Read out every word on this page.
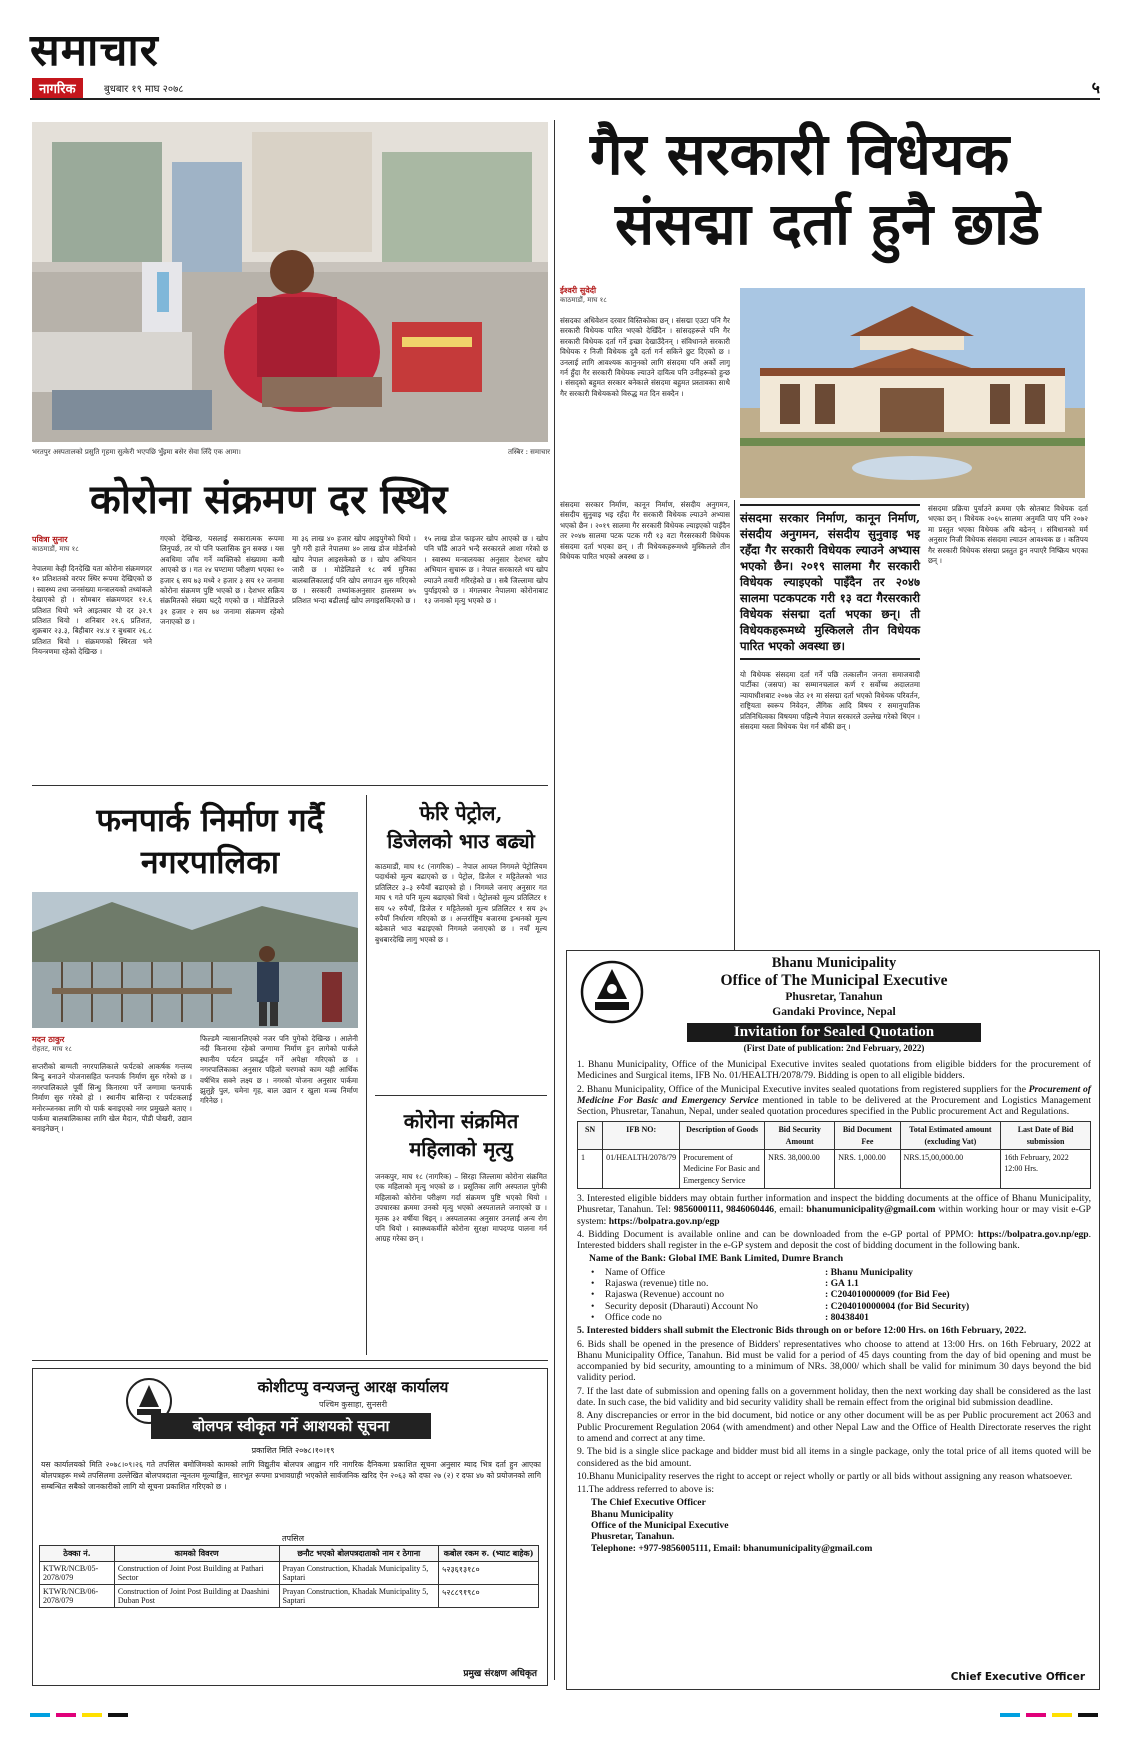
समाचार
नागरिक	बुधबार १९ माघ २०७८	५
भरतपुर अस्पतालको प्रसुति गृहमा सुत्केरी भएपछि भुँइमा बसेर सेवा लिँदै एक आमा।	तस्बिर : समाचार
गैर सरकारी विधेयक
संसद्मा दर्ता हुनै छाडे
ईश्वरी सुवेदी
काठमाडौं, माघ १८
संसदका अधिवेशन दरवार विस्तिकोका छन् । संसद्मा एउटा पनि गैर सरकारी विधेयक पारित भएको देखिँदैन । सांसदहरूले पनि गैर सरकारी विधेयक दर्ता गर्ने इच्छा देखाउँदैनन् । संविधानले सरकारी विधेयक र निजी विधेयक दुवै दर्ता गर्न सकिने छुट दिएको छ । उनलाई लागि आवश्यक कानुनको लागि संसदमा पनि अर्को लागू गर्न हुँदा गैर सरकारी विधेयक ल्याउने दायित्व पनि उनीहरूको हुन्छ । संसद्को बहुमत सरकार बनेकाले संसदमा बहुमत प्रस्तावका साथै गैर सरकारी विधेयकको विरुद्ध मत दिन सक्दैन ।
संसदमा सरकार निर्माण, कानून निर्माण, संसदीय अनुगमन, संसदीय सुनुवाइ भइ रहँदा गैर सरकारी विधेयक ल्याउने अभ्यास भएको छैन । २०१९ सालमा गैर सरकारी विधेयक ल्याइएको पाइँदैन तर २०४७ सालमा पटक पटक गरी १३ वटा गैरसरकारी विधेयक संसदमा दर्ता भएका छन् । ती विधेयकहरूमध्ये मुस्किलले तीन विधेयक पारित भएको अवस्था छ ।
संसदमा सरकार निर्माण, कानून निर्माण, संसदीय अनुगमन, संसदीय सुनुवाइ भइ रहँदा गैर सरकारी विधेयक ल्याउने अभ्यास भएको छैन। २०१९ सालमा गैर सरकारी विधेयक ल्याइएको पाइँदैन तर २०४७ सालमा पटकपटक गरी १३ वटा गैरसरकारी विधेयक संसद्मा दर्ता भएका छन्। ती विधेयकहरूमध्ये मुस्किलले तीन विधेयक पारित भएको अवस्था छ।
यो विधेयक संसदमा दर्ता गर्ने पछि तत्कालीन जनता समाजवादी पार्टीका (जसपा) का सम्मानचलाल कर्ण र सर्वोच्च अदालतमा न्यायाधीशबाट २०७७ जेठ २१ मा संसद्मा दर्ता भएको विधेयक परिवर्तन, राष्ट्रियता स्वरूप निवेदन, लैंगिक आदि विषय र समानुपातिक प्रतिनिधित्वका विषयमा पहिल्यै नेपाल सरकारले उल्लेख गरेको थिएन । संसदमा यस्ता विधेयक पेश गर्न बाँकी छन् ।
संसदमा प्रक्रिया पुर्याउने क्रममा एकै स्रोतबाट विधेयक दर्ता भएका छन् । विधेयक २०६५ सालमा अनुमति पाए पनि २०७२ मा प्रस्तुत भएका विधेयक अघि बढेनन् । संविधानको मर्म अनुसार निजी विधेयक संसदमा ल्याउन आवश्यक छ । कतिपय गैर सरकारी विधेयक संसद्मा प्रस्तुत हुन नपाएरै निष्क्रिय भएका छन् ।
कोरोना संक्रमण दर स्थिर
पवित्रा सुनार
काठमाडौं, माघ १८
नेपालमा केही दिनदेखि यता कोरोना संक्रमणदर १० प्रतिशतको वरपर स्थिर रूपमा देखिएको छ । स्वास्थ्य तथा जनसंख्या मन्त्रालयको तथ्यांकले देखाएको हो । सोमबार संक्रमणदर १२.६ प्रतिशत थियो भने आइतबार यो दर ३२.९ प्रतिशत थियो । शनिबार २१.६ प्रतिशत, शुक्रबार २३.३, बिहीबार २४.४ र बुधबार २६.८ प्रतिशत थियो । संक्रमणको स्थिरता भने नियन्त्रणमा रहेको देखिन्छ ।
गएको देखिन्छ, यसलाई सकारात्मक रूपमा लिनुपर्छ, तर यो पनि फलासिक हुन सक्छ । यस अवधिमा जाँच गर्ने व्यक्तिको संख्यामा कमी आएको छ । गत २४ घण्टामा परीक्षण भएका १० हजार ६ सय ७३ मध्ये २ हजार ३ सय १२ जनामा कोरोना संक्रमण पुष्टि भएको छ । देशभर सक्रिय संक्रमितको संख्या घट्दै गएको छ । मोडेलिङले ३१ हजार २ सय ७४ जनामा संक्रमण रहेको जनाएको छ ।
मा ३६ लाख ४० हजार खोप आइपुगेको थियो । पुगै गरी हाले नेपालमा ४० लाख डोज मोडेर्नाको खोप नेपाल आइसकेको छ । खोप अभियान जारी छ । मोडेलिङले १८ वर्ष मुनिका बालबालिकालाई पनि खोप लगाउन सुरु गरिएको छ । सरकारी तथ्यांकअनुसार हालसम्म ७५ प्रतिशत भन्दा बढीलाई खोप लगाइसकिएको छ ।
१५ लाख डोज फाइजर खोप आएको छ । खोप पनि चाँडै आउने भन्दै सरकारले आशा गरेको छ । स्वास्थ्य मन्त्रालयका अनुसार देशभर खोप अभियान सुचारू छ । नेपाल सरकारले थप खोप ल्याउने तयारी गरिरहेको छ । सबै जिल्लामा खोप पुर्याइएको छ । मंगलबार नेपालमा कोरोनाबाट १३ जनाको मृत्यु भएको छ ।
फनपार्क निर्माण गर्दै
नगरपालिका
मदन ठाकुर
रोहतट, माघ १८
सप्तरीको बाग्मती नगरपालिकाले फर्पटको आकर्षक गन्तव्य बिन्दु बनाउने योजनासहित फनपार्क निर्माण सुरु गरेको छ । नगरपालिकाले पूर्वी सिन्धु किनारमा पर्ने जग्गामा फनपार्क निर्माण सुरु गरेको हो । स्थानीय बासिन्दा र पर्यटकलाई मनोरञ्जनका लागि यो पार्क बनाइएको नगर प्रमुखले बताए । पार्कमा बालबालिकाका लागि खेल मैदान, पौडी पोखरी, उद्यान बनाइनेछन् ।
फिल्डमै न्यासानलिएको नजर पनि पुगेको देखिन्छ । आलेनी नदी किनारमा रहेको जग्गामा निर्माण हुन लागेको पार्कले स्थानीय पर्यटन प्रवर्द्धन गर्ने अपेक्षा गरिएको छ । नगरपालिकाका अनुसार पहिलो चरणको काम यही आर्थिक वर्षभित्र सक्ने लक्ष्य छ । नगरको योजना अनुसार पार्कमा झुलुङ्गे पुल, चमेना गृह, बाल उद्यान र खुला मञ्च निर्माण गरिनेछ ।
फेरि पेट्रोल,
डिजेलको भाउ बढ्यो
काठमाडौं, माघ १८ (नागरिक) – नेपाल आयल निगमले पेट्रोलियम पदार्थको मूल्य बढाएको छ । पेट्रोल, डिजेल र मट्टितेलको भाउ प्रतिलिटर ३–३ रुपैयाँ बढाएको हो । निगमले जनाए अनुसार गत माघ ९ गते पनि मूल्य बढाएको थियो । पेट्रोलको मूल्य प्रतिलिटर १ सय ५२ रुपैयाँ, डिजेल र मट्टितेलको मूल्य प्रतिलिटर १ सय ३५ रुपैयाँ निर्धारण गरिएको छ । अन्तर्राष्ट्रिय बजारमा इन्धनको मूल्य बढेकाले भाउ बढाइएको निगमले जनाएको छ । नयाँ मूल्य बुधबारदेखि लागु भएको छ ।
कोरोना संक्रमित
महिलाको मृत्यु
जनकपुर, माघ १८ (नागरिक) – सिरहा जिल्लामा कोरोना संक्रमित एक महिलाको मृत्यु भएको छ । प्रसूतिका लागि अस्पताल पुगेकी महिलाको कोरोना परीक्षण गर्दा संक्रमण पुष्टि भएको थियो । उपचारका क्रममा उनको मृत्यु भएको अस्पतालले जनाएको छ । मृतक ३२ वर्षीया थिइन् । अस्पतालका अनुसार उनलाई अन्य रोग पनि थियो । स्वास्थ्यकर्मीले कोरोना सुरक्षा मापदण्ड पालना गर्न आग्रह गरेका छन् ।
कोशीटप्पु वन्यजन्तु आरक्ष कार्यालय
पश्चिम कुसाहा, सुनसरी
बोलपत्र स्वीकृत गर्ने आशयको सूचना
प्रकाशित मिति २०७८।१०।१९
यस कार्यालयको मिति २०७८।०९।२६ गते तपसिल बमोजिमको कामको लागि विद्युतीय बोलपत्र आह्वान गरि नागरिक दैनिकमा प्रकाशित सूचना अनुसार म्याद भित्र दर्ता हुन आएका बोलपत्रहरू मध्ये तपसिलमा उल्लेखित बोलपत्रदाता न्यूनतम मूल्याङ्कित, सारभूत रूपमा प्रभावग्राही भएकोले सार्वजनिक खरिद ऐन २०६३ को दफा २७ (२) र दफा ४७ को प्रयोजनको लागि सम्बन्धित सबैको जानकारीको लागि यो सूचना प्रकाशित गरिएको छ ।
तपसिल
ठेक्का नं.	कामको विवरण	छनौट भएको बोलपत्रदाताको नाम र ठेगाना	कबोल रकम रु. (भ्याट बाहेक)
KTWR/NCB/05-2078/079	Construction of Joint Post Building at Pathari Sector	Prayan Construction, Khadak Municipality 5, Saptari	५२३६१३१८०
KTWR/NCB/06-2078/079	Construction of Joint Post Building at Daashini Duban Post	Prayan Construction, Khadak Municipality 5, Saptari	५२८८९१९८०
प्रमुख संरक्षण अधिकृत
Bhanu Municipality
Office of The Municipal Executive
Phusretar, Tanahun
Gandaki Province, Nepal
Invitation for Sealed Quotation
(First Date of publication: 2nd February, 2022)
1. Bhanu Municipality, Office of the Municipal Executive invites sealed quotations from eligible bidders for the procurement of Medicines and Surgical items, IFB No. 01/HEALTH/2078/79. Bidding is open to all eligible bidders.
2. Bhanu Municipality, Office of the Municipal Executive invites sealed quotations from registered suppliers for the Procurement of Medicine For Basic and Emergency Service mentioned in table to be delivered at the Procurement and Logistics Management Section, Phusretar, Tanahun, Nepal, under sealed quotation procedures specified in the Public procurement Act and Regulations.
SN	IFB NO:	Description of Goods	Bid Security Amount	Bid Document Fee	Total Estimated amount (excluding Vat)	Last Date of Bid submission
1	01/HEALTH/2078/79	Procurement of Medicine For Basic and Emergency Service	NRS. 38,000.00	NRS. 1,000.00	NRS.15,00,000.00	16th February, 2022 12:00 Hrs.
3. Interested eligible bidders may obtain further information and inspect the bidding documents at the office of Bhanu Municipality, Phusretar, Tanahun. Tel: 9856000111, 9846060446, email: bhanumunicipality@gmail.com within working hour or may visit e-GP system: https://bolpatra.gov.np/egp
4. Bidding Document is available online and can be downloaded from the e-GP portal of PPMO: https://bolpatra.gov.np/egp. Interested bidders shall register in the e-GP system and deposit the cost of bidding document in the following bank.
Name of the Bank: Global IME Bank Limited, Dumre Branch
•	Name of Office	: Bhanu Municipality
•	Rajaswa (revenue) title no.	: GA 1.1
•	Rajaswa (Revenue) account no	: C204010000009 (for Bid Fee)
•	Security deposit (Dharauti) Account No	: C204010000004 (for Bid Security)
•	Office code no	: 80438401
5. Interested bidders shall submit the Electronic Bids through on or before 12:00 Hrs. on 16th February, 2022.
6. Bids shall be opened in the presence of Bidders' representatives who choose to attend at 13:00 Hrs. on 16th February, 2022 at Bhanu Municipality Office, Tanahun. Bid must be valid for a period of 45 days counting from the day of bid opening and must be accompanied by bid security, amounting to a minimum of NRs. 38,000/ which shall be valid for minimum 30 days beyond the bid validity period.
7. If the last date of submission and opening falls on a government holiday, then the next working day shall be considered as the last date. In such case, the bid validity and bid security validity shall be remain effect from the original bid submission deadline.
8. Any discrepancies or error in the bid document, bid notice or any other document will be as per Public procurement act 2063 and Public Procurement Regulation 2064 (with amendment) and other Nepal Law and the Office of Health Directorate reserves the right to amend and correct at any time.
9. The bid is a single slice package and bidder must bid all items in a single package, only the total price of all items quoted will be considered as the bid amount.
10.Bhanu Municipality reserves the right to accept or reject wholly or partly or all bids without assigning any reason whatsoever.
11.The address referred to above is:
The Chief Executive Officer
Bhanu Municipality
Office of the Municipal Executive
Phusretar, Tanahun.
Telephone: +977-9856005111, Email: bhanumunicipality@gmail.com
Chief Executive Officer
